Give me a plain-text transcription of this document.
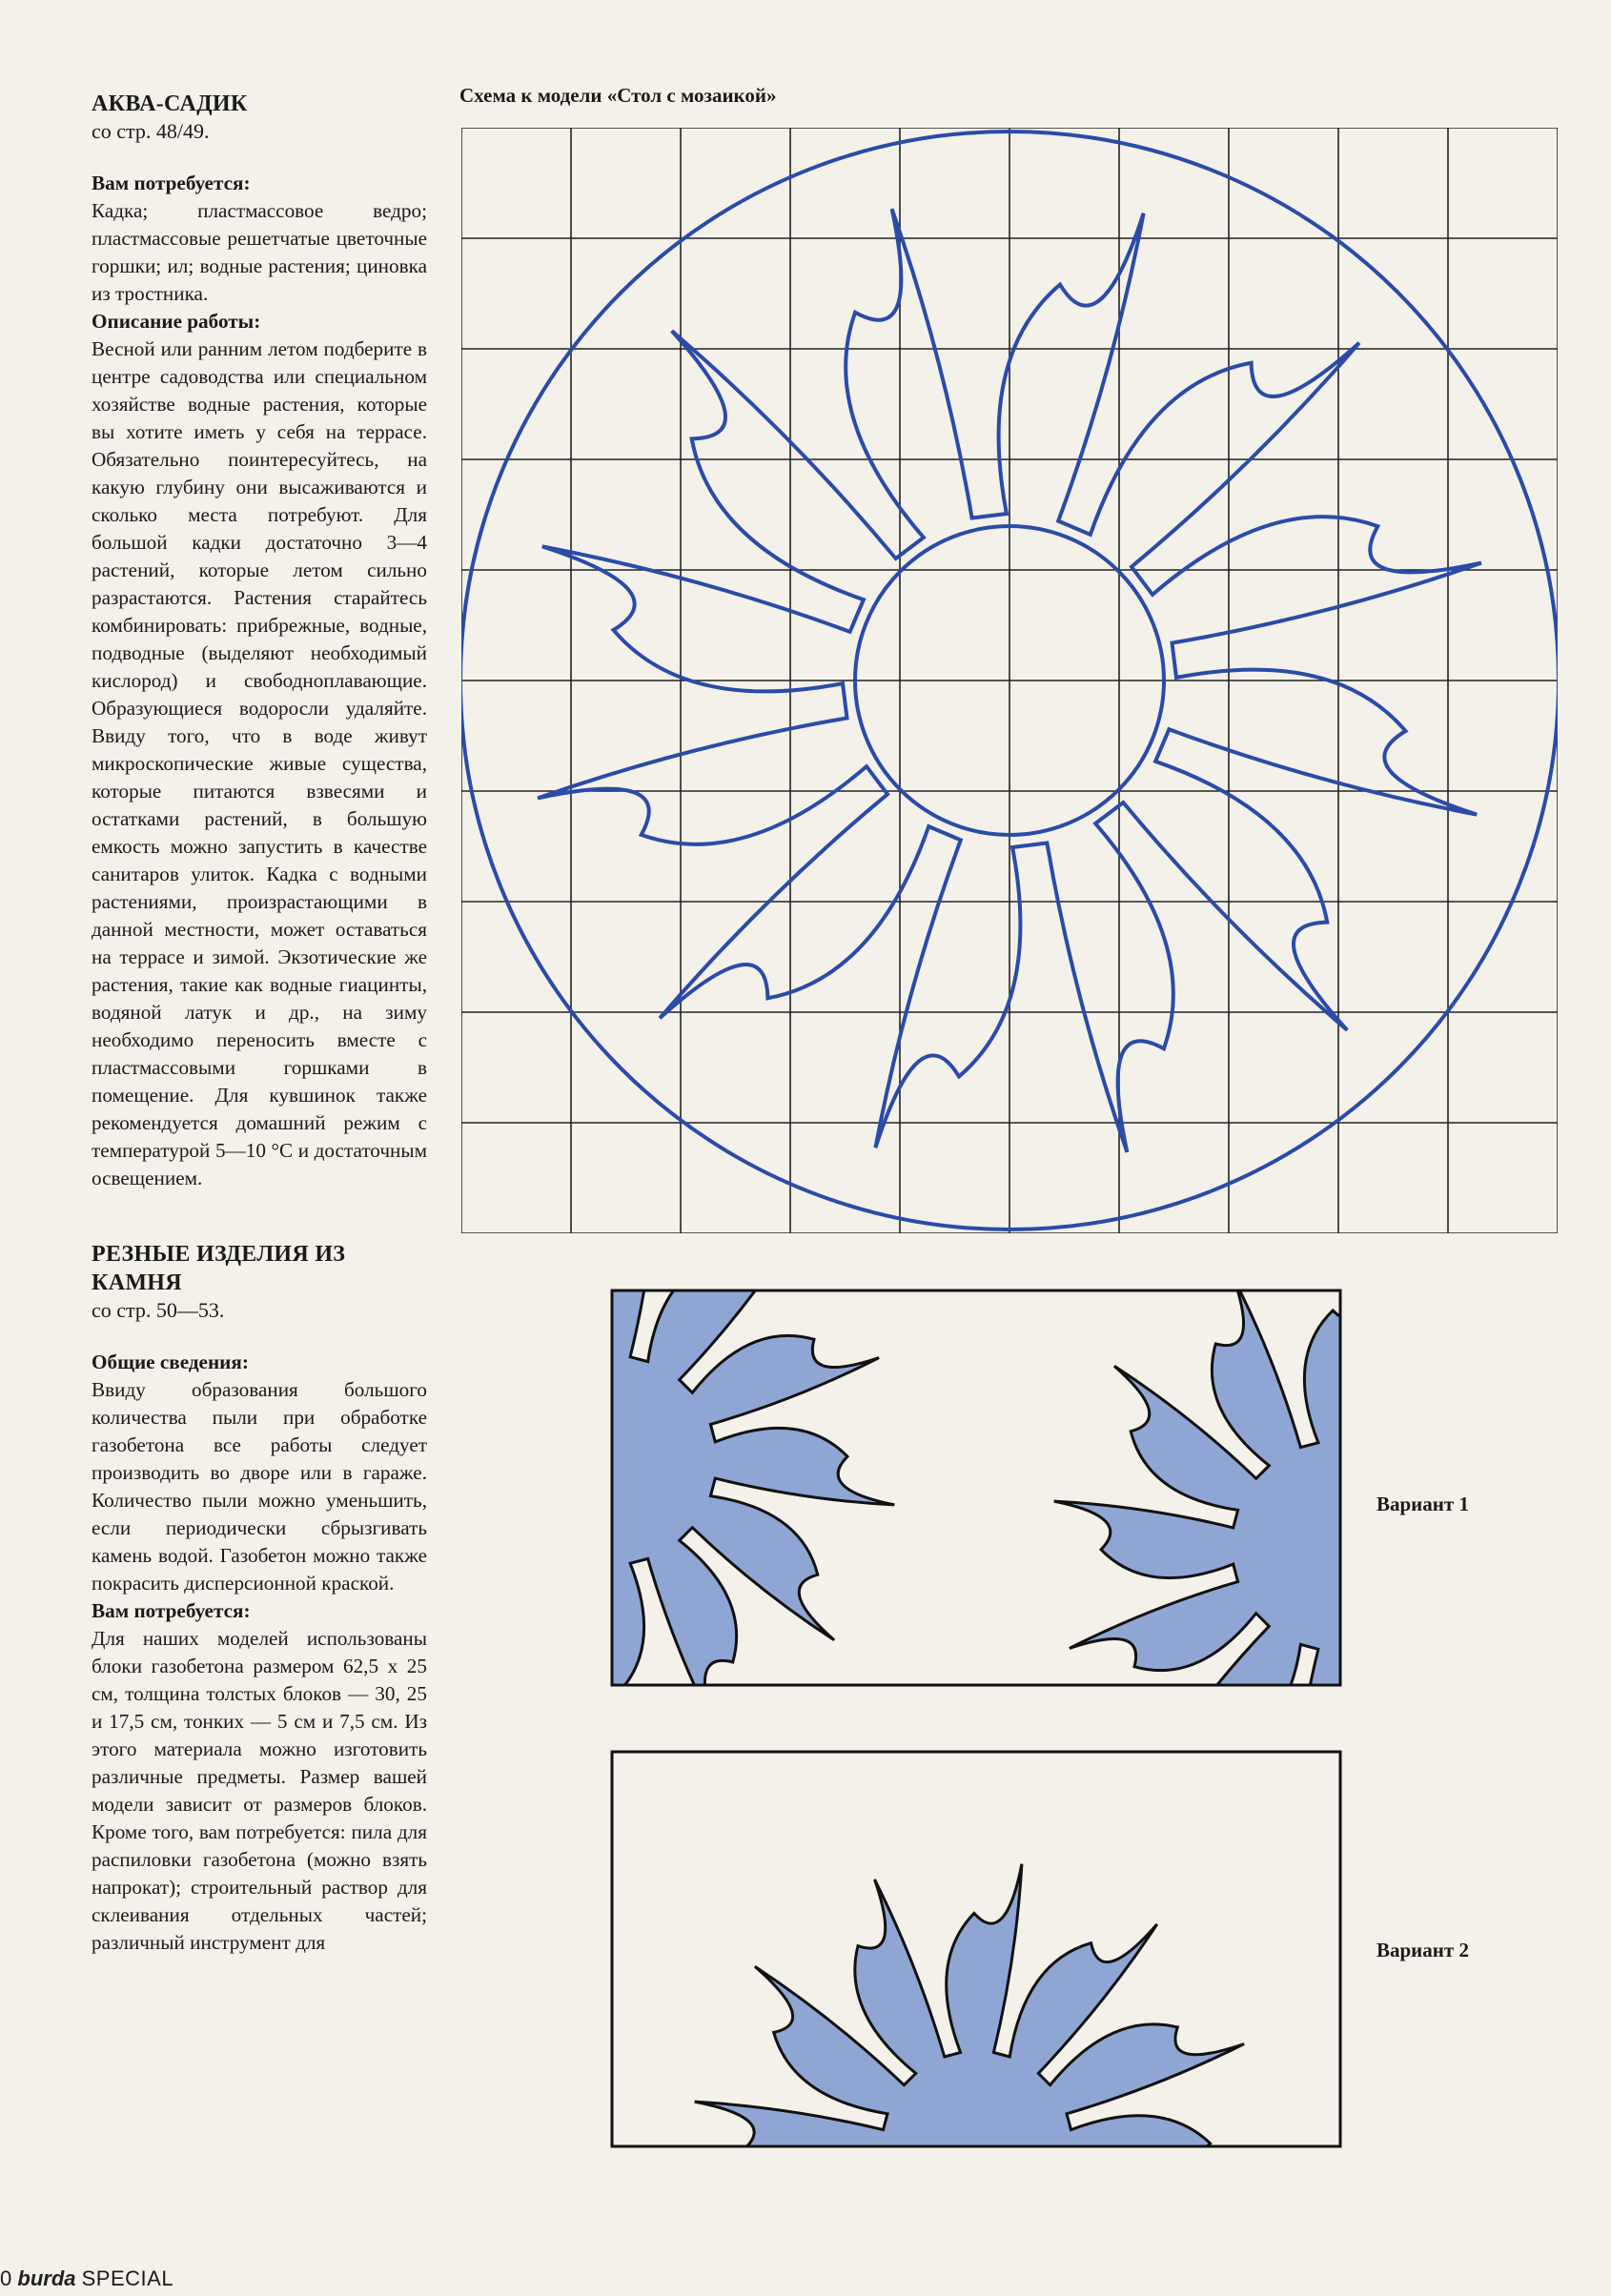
АКВА-САДИК
со стр. 48/49.
Вам потребуется:

Кадка; пластмассовое ведро; пластмассовые решетчатые цветочные горшки; ил; водные растения; циновка из тростника.

Описание работы:

Весной или ранним летом подберите в центре садоводства или специальном хозяйстве водные растения, которые вы хотите иметь у себя на террасе. Обязательно поинтересуйтесь, на какую глубину они высаживаются и сколько места потребуют. Для большой кадки достаточно 3—4 растений, которые летом сильно разрастаются. Растения старайтесь комбинировать: прибрежные, водные, подводные (выделяют необходимый кислород) и свободноплавающие. Образующиеся водоросли удаляйте. Ввиду того, что в воде живут микроскопические живые существа, которые питаются взвесями и остатками растений, в большую емкость можно запустить в качестве санитаров улиток. Кадка с водными растениями, произрастающими в данной местности, может оставаться на террасе и зимой. Экзотические же растения, такие как водные гиацинты, водяной латук и др., на зиму необходимо переносить вместе с пластмассовыми горшками в помещение. Для кувшинок также рекомендуется домашний режим с температурой 5—10 °C и достаточным освещением.

РЕЗНЫЕ ИЗДЕЛИЯ ИЗ КАМНЯ
со стр. 50—53.
Общие сведения:

Ввиду образования большого количества пыли при обработке газобетона все работы следует производить во дворе или в гараже. Количество пыли можно уменьшить, если периодически сбрызгивать камень водой. Газобетон можно также покрасить дисперсионной краской.

Вам потребуется:

Для наших моделей использованы блоки газобетона размером 62,5 x 25 см, толщина толстых блоков — 30, 25 и 17,5 см, тонких — 5 см и 7,5 см. Из этого материала можно изготовить различные предметы. Размер вашей модели зависит от размеров блоков. Кроме того, вам потребуется: пила для распиловки газобетона (можно взять напрокат); строительный раствор для склеивания отдельных частей; различный инструмент для

Схема к модели «Стол с мозаикой»
Вариант 1
Вариант 2
0 burda SPECIAL
